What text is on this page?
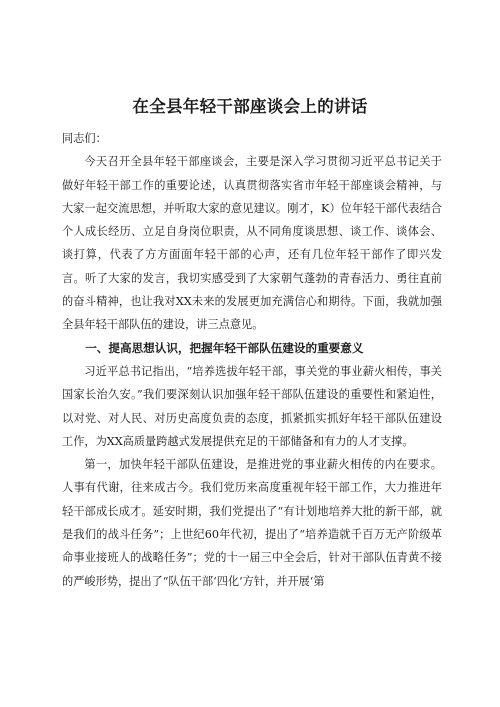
在全县年轻干部座谈会上的讲话

同志们：

今天召开全县年轻干部座谈会，主要是深入学习贯彻习近平总书记关于做好年轻干部工作的重要论述，认真贯彻落实省市年轻干部座谈会精神，与大家一起交流思想，并听取大家的意见建议。刚才，K）位年轻干部代表结合个人成长经历、立足自身岗位职责，从不同角度谈思想、谈工作、谈体会、谈打算，代表了方方面面年轻干部的心声，还有几位年轻干部作了即兴发言。听了大家的发言，我切实感受到了大家朝气蓬勃的青春活力、勇往直前的奋斗精神，也让我对XX未来的发展更加充满信心和期待。下面，我就加强全县年轻干部队伍的建设，讲三点意见。

一、提高思想认识，把握年轻干部队伍建设的重要意义

习近平总书记指出，“培养选拔年轻干部，事关党的事业薪火相传，事关国家长治久安。”我们要深刻认识加强年轻干部队伍建设的重要性和紧迫性，以对党、对人民、对历史高度负责的态度，抓紧抓实抓好年轻干部队伍建设工作，为XX高质量跨越式发展提供充足的干部储备和有力的人才支撑。

第一，加快年轻干部队伍建设，是推进党的事业薪火相传的内在要求。人事有代谢，往来成古今。我们党历来高度重视年轻干部工作，大力推进年轻干部成长成才。延安时期，我们党提出了“有计划地培养大批的新干部，就是我们的战斗任务”；上世纪60年代初，提出了“培养造就千百万无产阶级革命事业接班人的战略任务”；党的十一届三中全会后，针对干部队伍青黄不接的严峻形势，提出了“队伍干部‘四化’方针，并开展‘第
